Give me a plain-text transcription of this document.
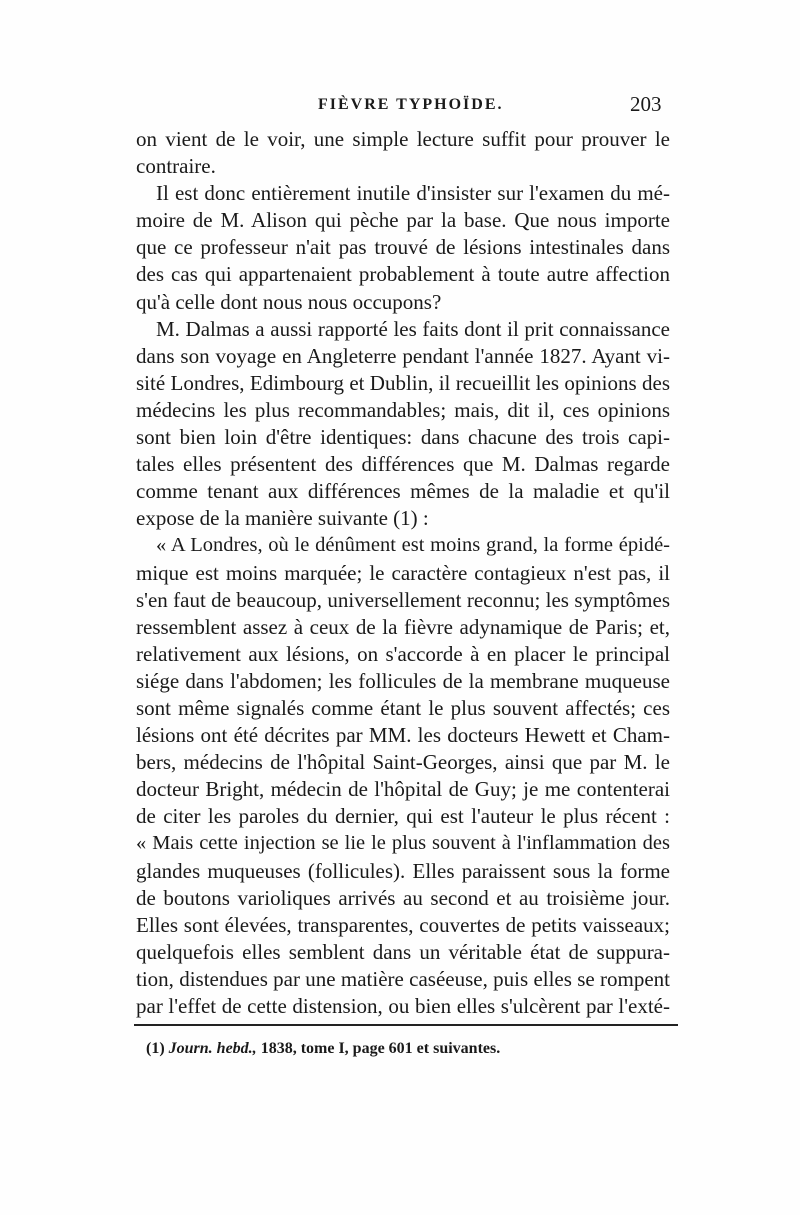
FIÈVRE TYPHOÏDE.	203
on vient de le voir, une simple lecture suffit pour prouver le
contraire.
Il est donc entièrement inutile d'insister sur l'examen du mé-
moire de M. Alison qui pèche par la base. Que nous importe
que ce professeur n'ait pas trouvé de lésions intestinales dans
des cas qui appartenaient probablement à toute autre affection
qu'à celle dont nous nous occupons?
M. Dalmas a aussi rapporté les faits dont il prit connaissance
dans son voyage en Angleterre pendant l'année 1827. Ayant vi-
sité Londres, Edimbourg et Dublin, il recueillit les opinions des
médecins les plus recommandables; mais, dit il, ces opinions
sont bien loin d'être identiques: dans chacune des trois capi-
tales elles présentent des différences que M. Dalmas regarde
comme tenant aux différences mêmes de la maladie et qu'il
expose de la manière suivante (1) :
« A Londres, où le dénûment est moins grand, la forme épidé-
mique est moins marquée; le caractère contagieux n'est pas, il
s'en faut de beaucoup, universellement reconnu; les symptômes
ressemblent assez à ceux de la fièvre adynamique de Paris; et,
relativement aux lésions, on s'accorde à en placer le principal
siége dans l'abdomen; les follicules de la membrane muqueuse
sont même signalés comme étant le plus souvent affectés; ces
lésions ont été décrites par MM. les docteurs Hewett et Cham-
bers, médecins de l'hôpital Saint-Georges, ainsi que par M. le
docteur Bright, médecin de l'hôpital de Guy; je me contenterai
de citer les paroles du dernier, qui est l'auteur le plus récent :
« Mais cette injection se lie le plus souvent à l'inflammation des
glandes muqueuses (follicules). Elles paraissent sous la forme
de boutons varioliques arrivés au second et au troisième jour.
Elles sont élevées, transparentes, couvertes de petits vaisseaux;
quelquefois elles semblent dans un véritable état de suppura-
tion, distendues par une matière caséeuse, puis elles se rompent
par l'effet de cette distension, ou bien elles s'ulcèrent par l'exté-
(1) Journ. hebd., 1838, tome I, page 601 et suivantes.
